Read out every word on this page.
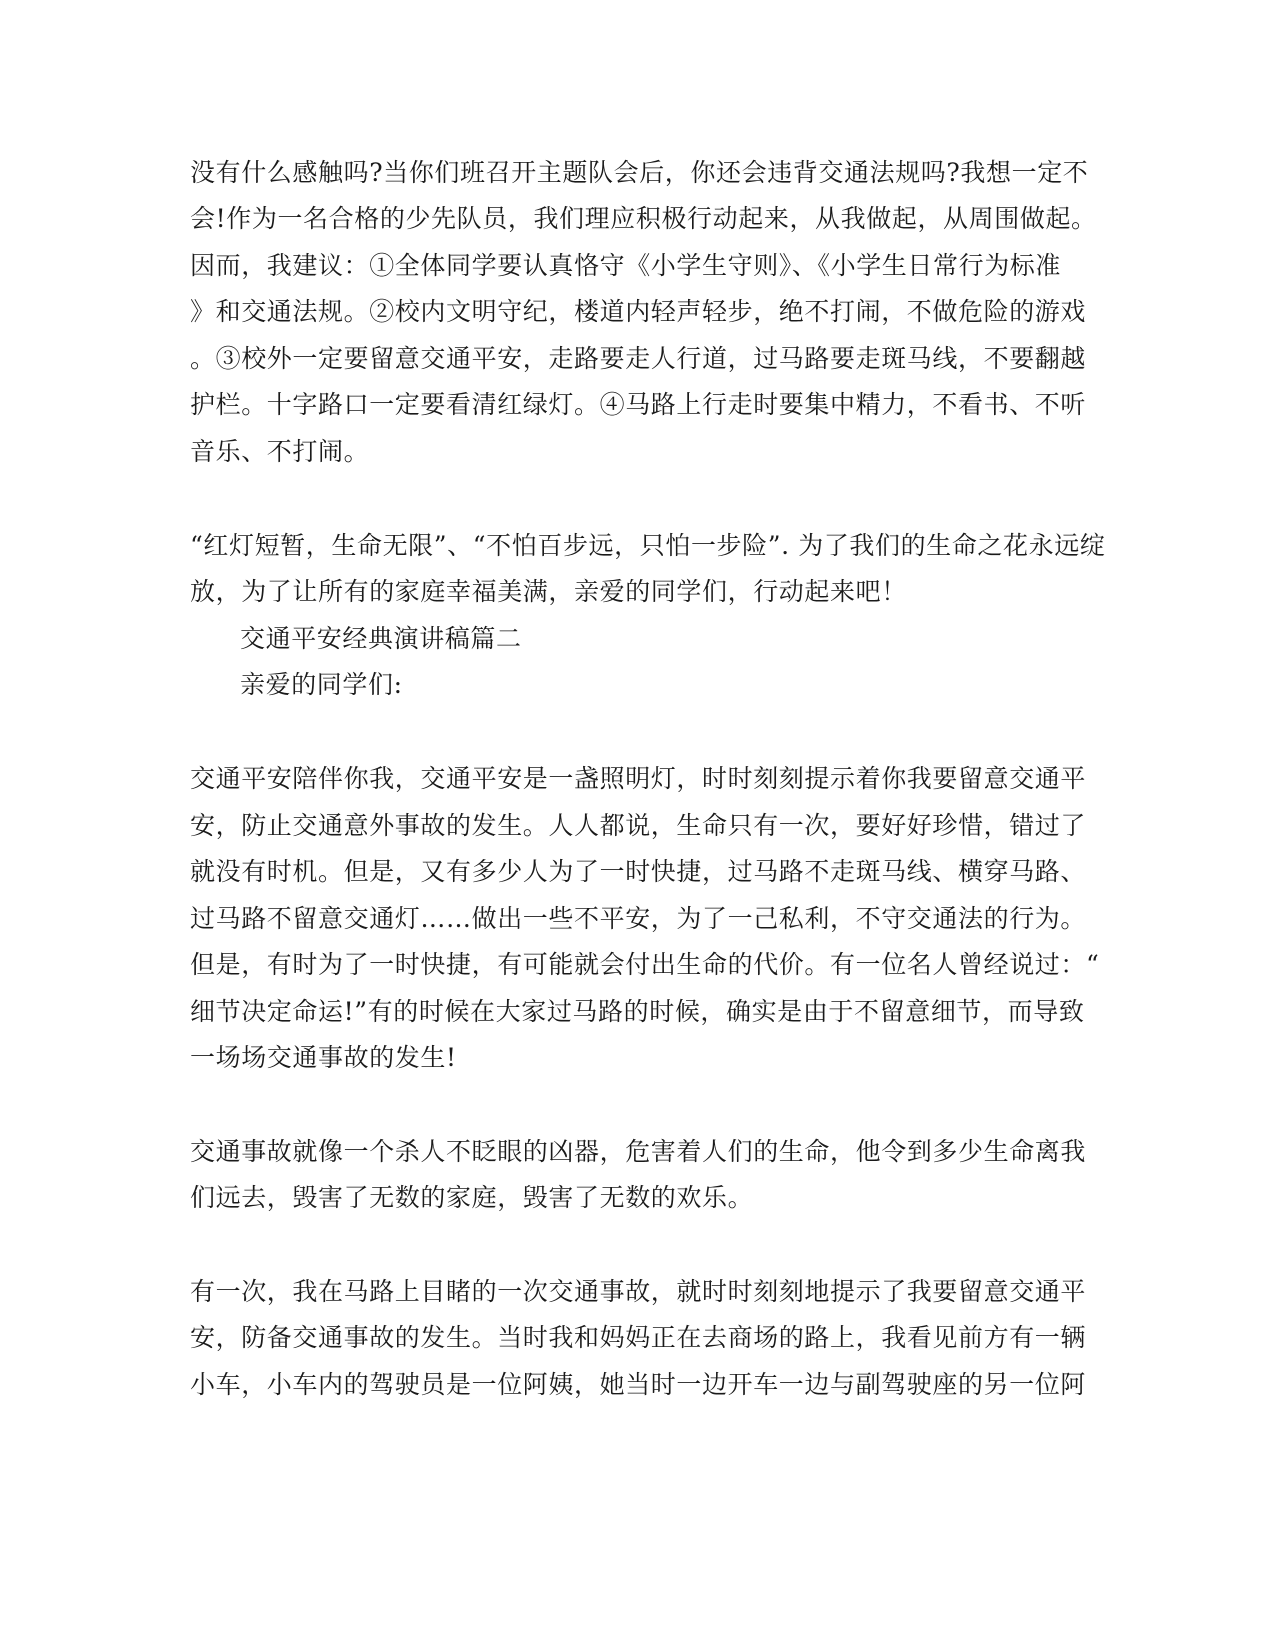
没有什么感触吗?当你们班召开主题队会后，你还会违背交通法规吗?我想一定不
会!作为一名合格的少先队员，我们理应积极行动起来，从我做起，从周围做起。
因而，我建议：①全体同学要认真恪守《小学生守则》、《小学生日常行为标准
》和交通法规。②校内文明守纪，楼道内轻声轻步，绝不打闹，不做危险的游戏
。③校外一定要留意交通平安，走路要走人行道，过马路要走斑马线，不要翻越
护栏。十字路口一定要看清红绿灯。④马路上行走时要集中精力，不看书、不听
音乐、不打闹。
“红灯短暂，生命无限”、“不怕百步远，只怕一步险”. 为了我们的生命之花永远绽
放，为了让所有的家庭幸福美满，亲爱的同学们，行动起来吧！
交通平安经典演讲稿篇二
亲爱的同学们:
交通平安陪伴你我，交通平安是一盏照明灯，时时刻刻提示着你我要留意交通平
安，防止交通意外事故的发生。人人都说，生命只有一次，要好好珍惜，错过了
就没有时机。但是，又有多少人为了一时快捷，过马路不走斑马线、横穿马路、
过马路不留意交通灯……做出一些不平安，为了一己私利，不守交通法的行为。
但是，有时为了一时快捷，有可能就会付出生命的代价。有一位名人曾经说过：“
细节决定命运!”有的时候在大家过马路的时候，确实是由于不留意细节，而导致
一场场交通事故的发生!
交通事故就像一个杀人不眨眼的凶器，危害着人们的生命，他令到多少生命离我
们远去，毁害了无数的家庭，毁害了无数的欢乐。
有一次，我在马路上目睹的一次交通事故，就时时刻刻地提示了我要留意交通平
安，防备交通事故的发生。当时我和妈妈正在去商场的路上，我看见前方有一辆
小车，小车内的驾驶员是一位阿姨，她当时一边开车一边与副驾驶座的另一位阿
